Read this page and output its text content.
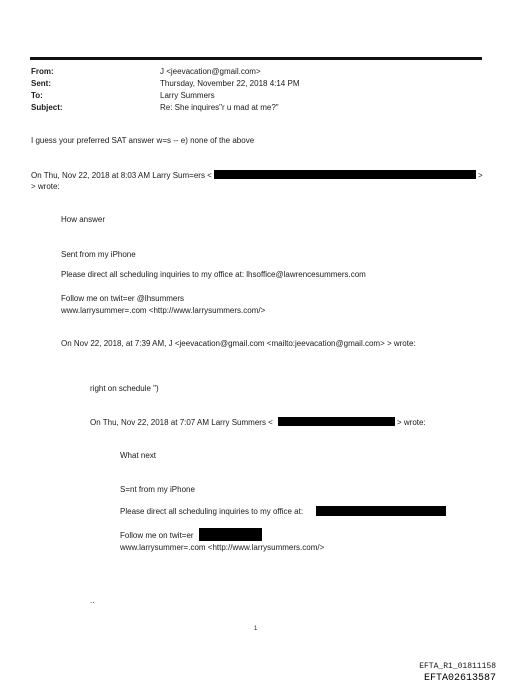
From:	J <jeevacation@gmail.com>
Sent:	Thursday, November 22, 2018 4:14 PM
To:	Larry Summers
Subject:	Re: She inquires"r u mad at me?"
I guess your preferred SAT answer w=s -- e) none of the above
On Thu, Nov 22, 2018 at 8:03 AM Larry Sum=ers <	>
> wrote:
How answer
Sent from my iPhone
Please direct all scheduling inquiries to my office at: lhsoffice@lawrencesummers.com
Follow me on twit=er @lhsummers
www.larrysummer=.com <http://www.larrysummers.com/>
On Nov 22, 2018, at 7:39 AM, J <jeevacation@gmail.com <mailto:jeevacation@gmail.com> > wrote:
right on schedule ")
On Thu, Nov 22, 2018 at 7:07 AM Larry Summers <	> wrote:
What next
S=nt from my iPhone
Please direct all scheduling inquiries to my office at:
Follow me on twit=er
www.larrysummer=.com <http://www.larrysummers.com/>
..
1
EFTA_R1_01811158
EFTA02613587
